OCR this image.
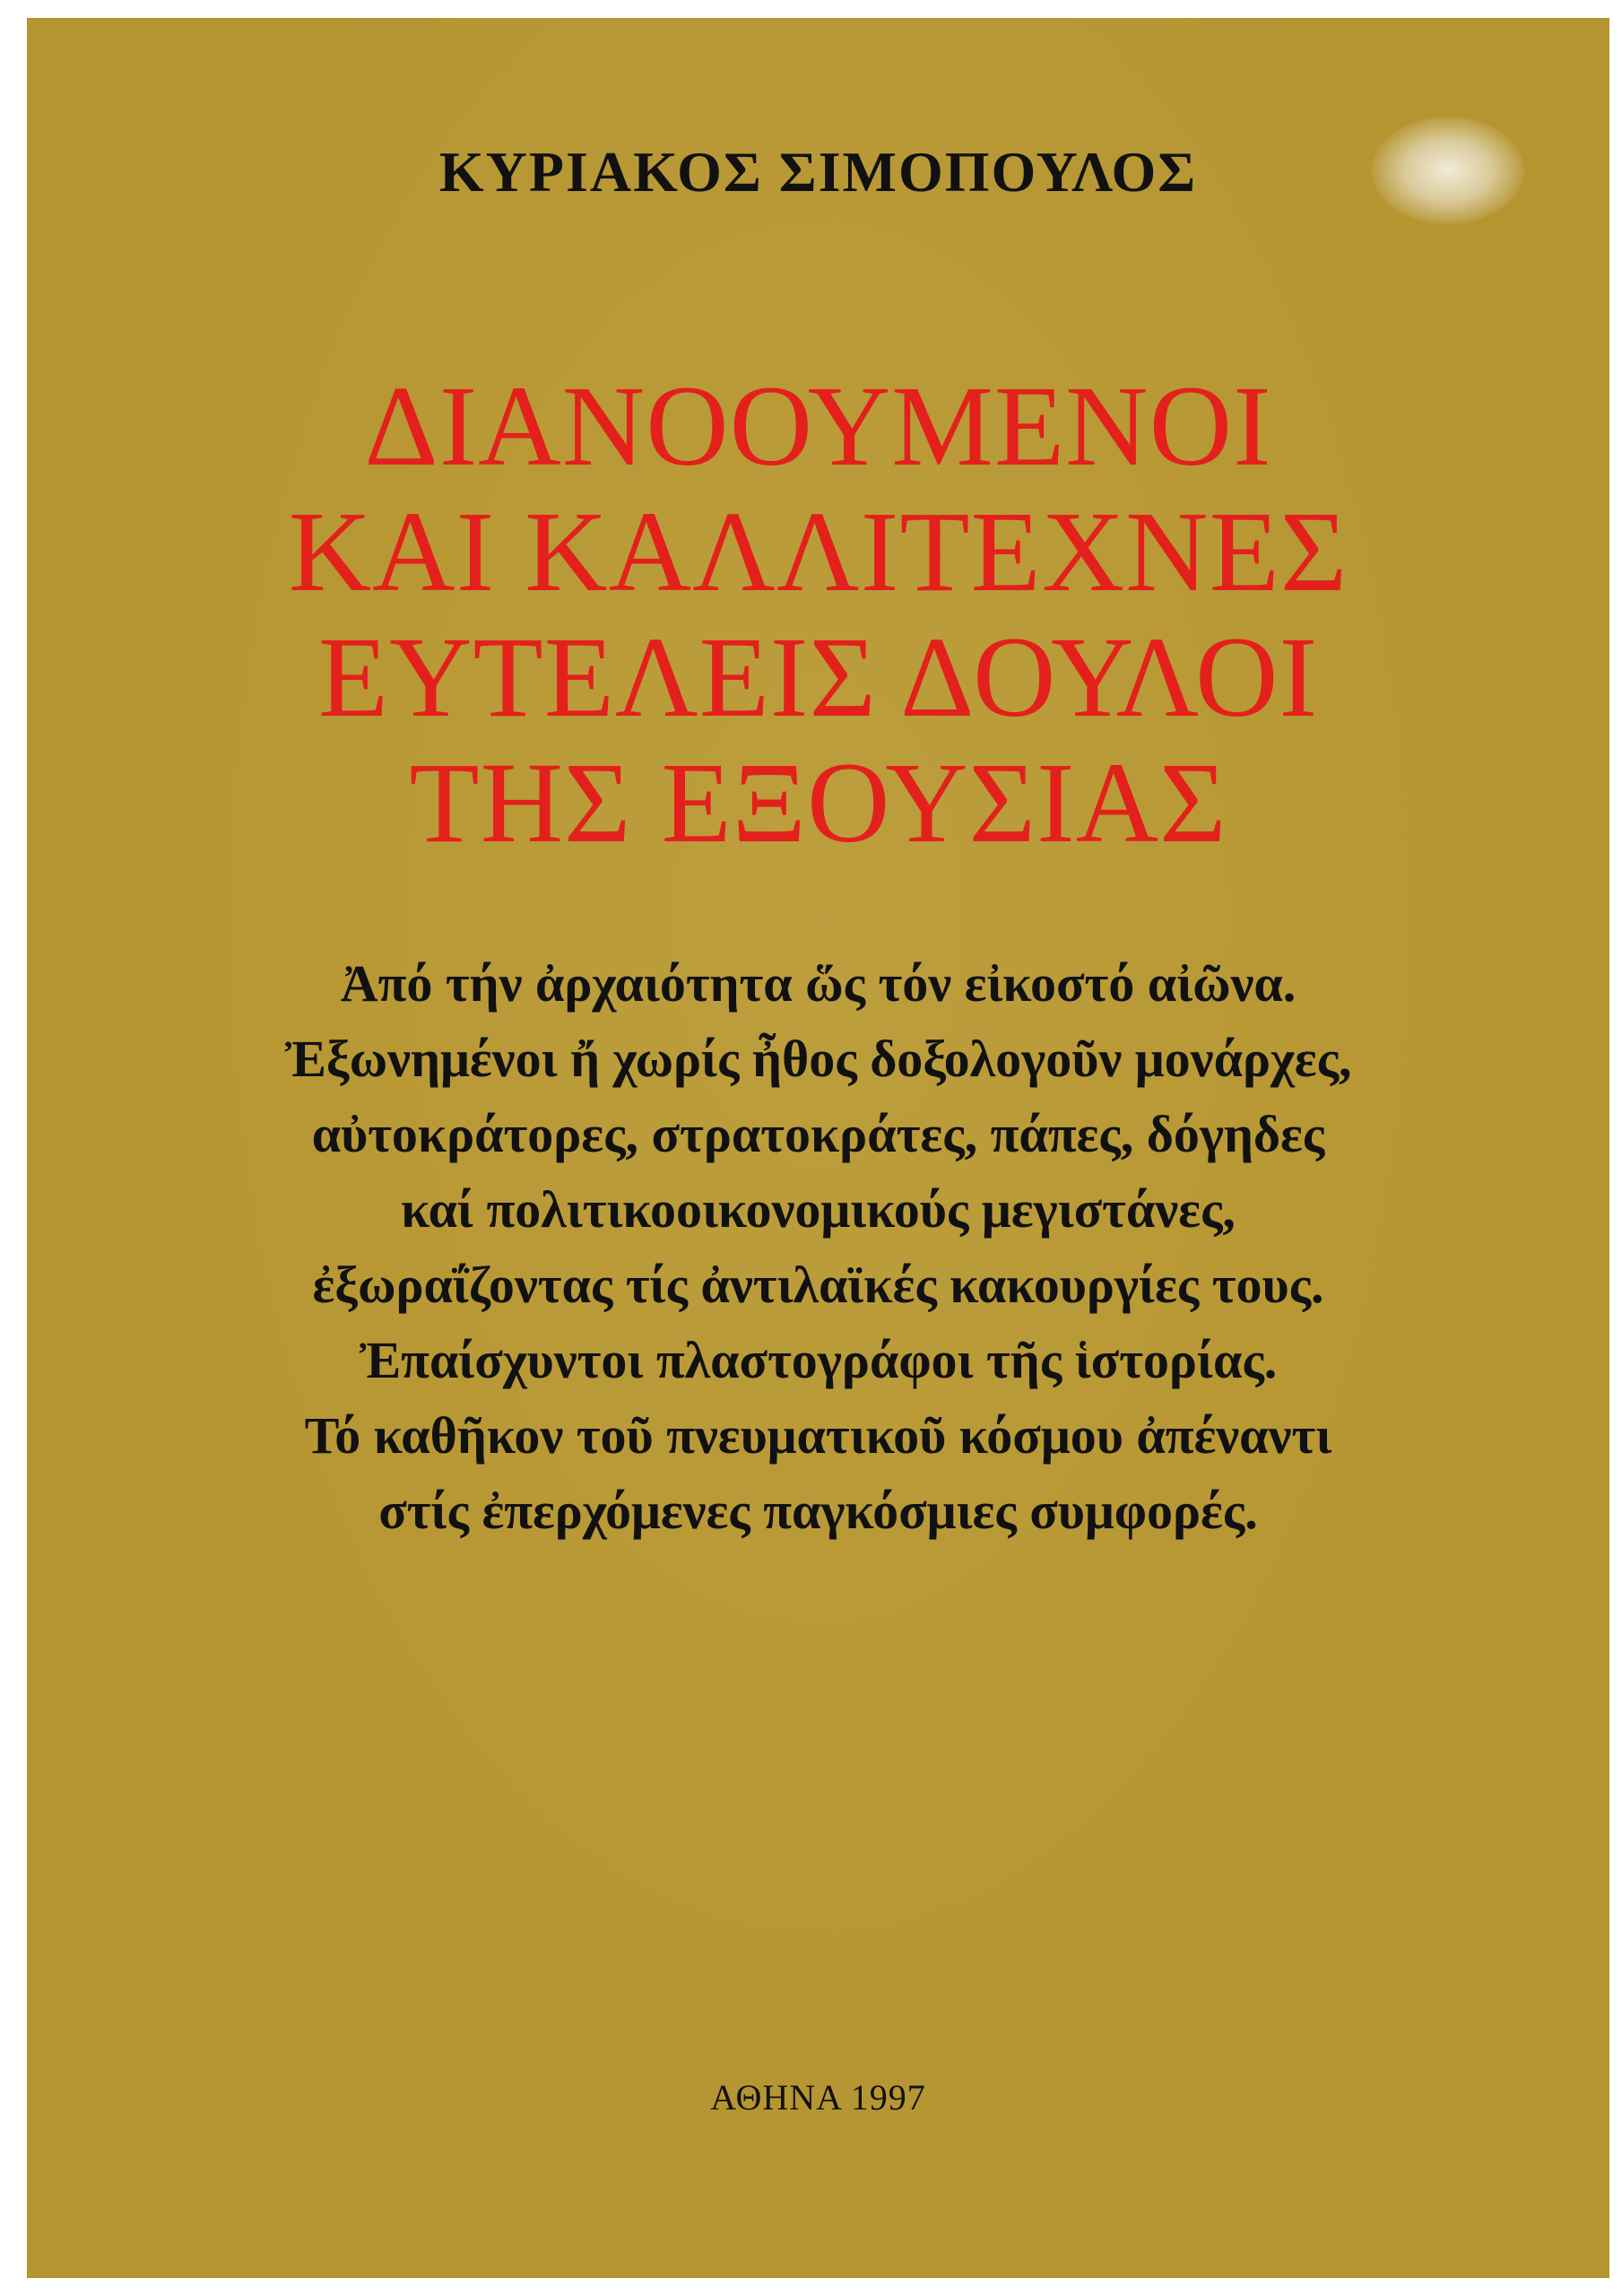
ΚΥΡΙΑΚΟΣ ΣΙΜΟΠΟΥΛΟΣ
ΔΙΑΝΟΟΥΜΕΝΟΙ
ΚΑΙ ΚΑΛΛΙΤΕΧΝΕΣ
ΕΥΤΕΛΕΙΣ ΔΟΥΛΟΙ
ΤΗΣ ΕΞΟΥΣΙΑΣ
Ἀπό τήν ἀρχαιότητα ὥς τόν εἰκοστό αἰῶνα.
Ἐξωνημένοι ἤ χωρίς ἦθος δοξολογοῦν μονάρχες,
αὐτοκράτορες, στρατοκράτες, πάπες, δόγηδες
καί πολιτικοοικονομικούς μεγιστάνες,
ἐξωραΐζοντας τίς ἀντιλαϊκές κακουργίες τους.
Ἐπαίσχυντοι πλαστογράφοι τῆς ἱστορίας.
Τό καθῆκον τοῦ πνευματικοῦ κόσμου ἀπέναντι
στίς ἐπερχόμενες παγκόσμιες συμφορές.
ΑΘΗΝΑ 1997
